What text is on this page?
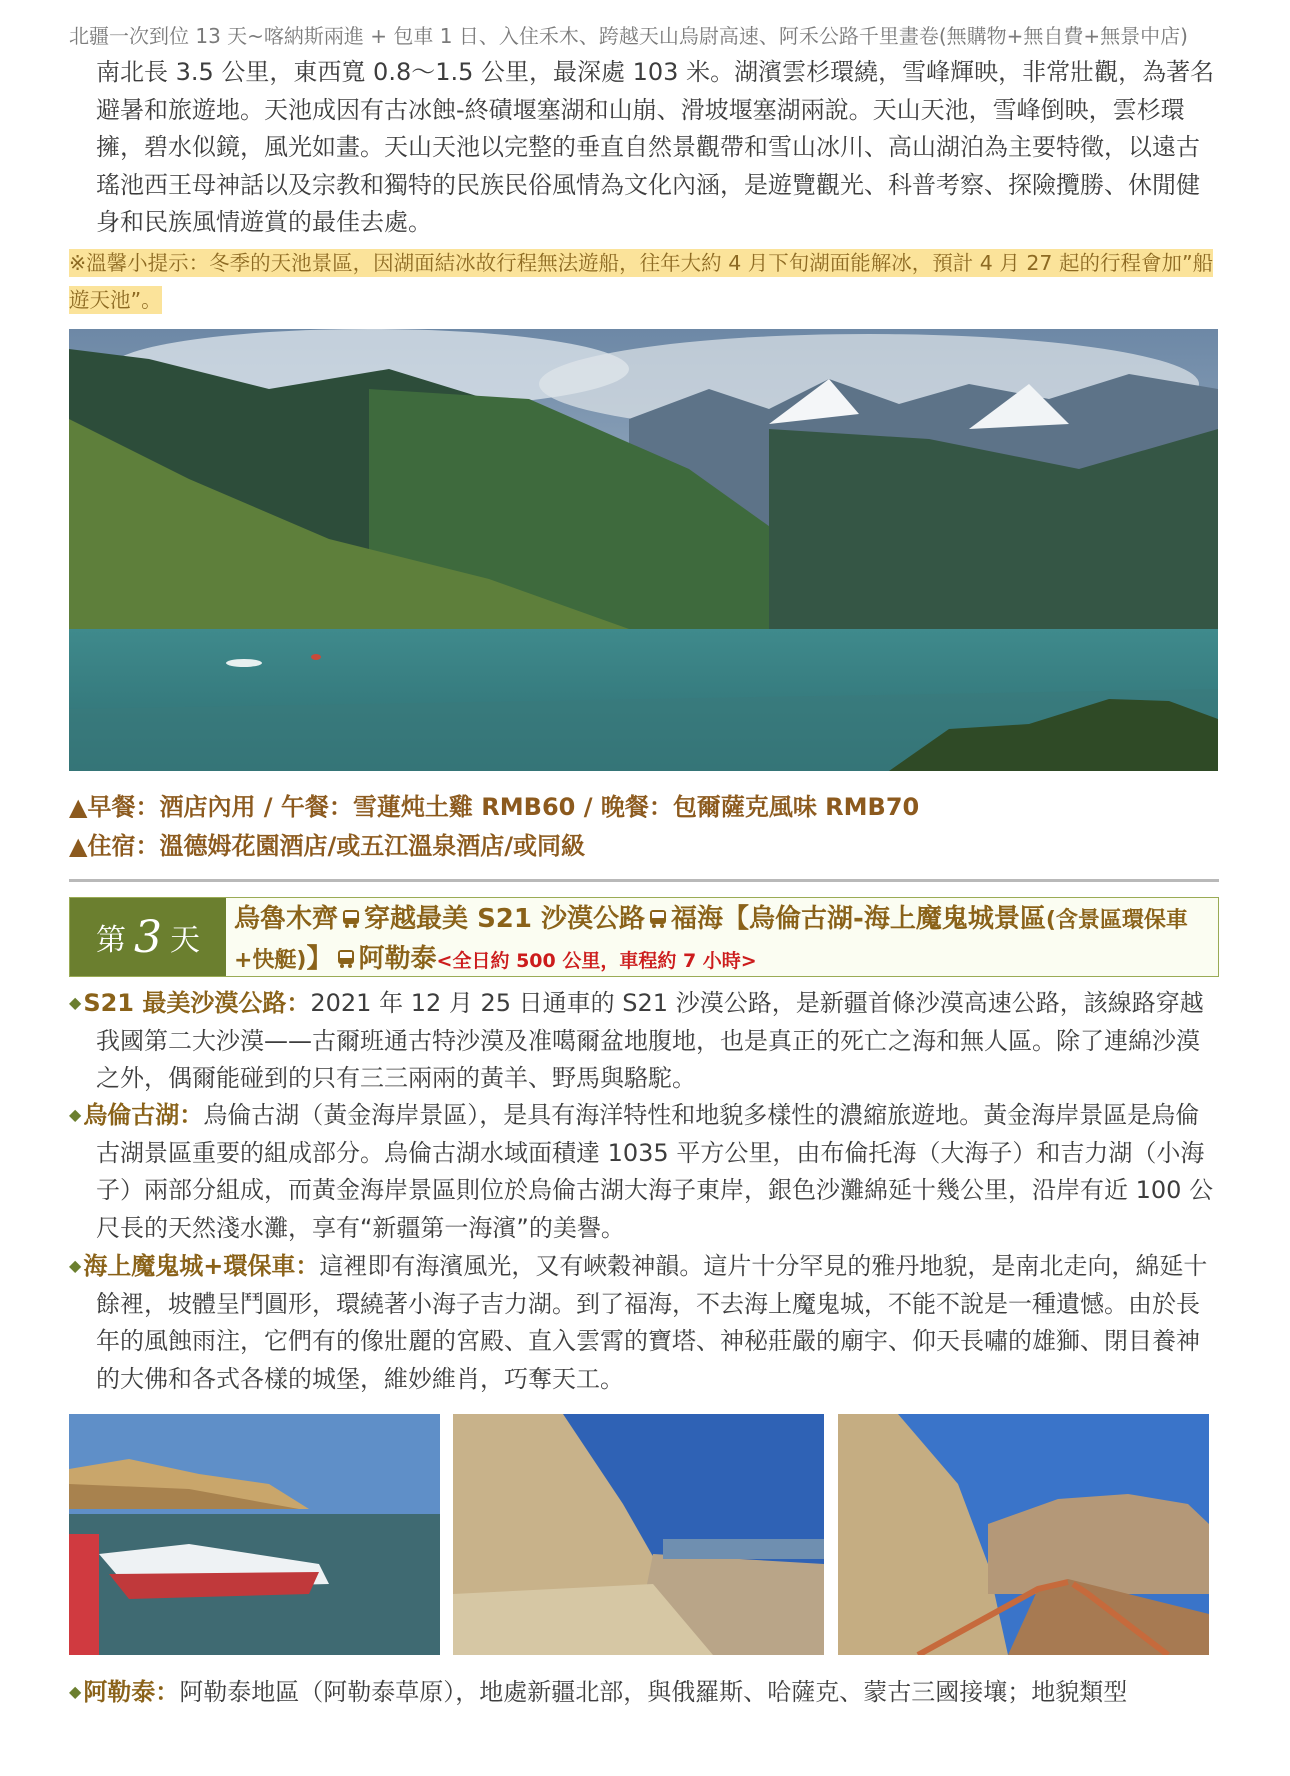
北疆一次到位 13 天~喀納斯兩進 + 包車 1 日、入住禾木、跨越天山烏尉高速、阿禾公路千里畫卷(無購物+無自費+無景中店)
南北長 3.5 公里，東西寬 0.8～1.5 公里，最深處 103 米。湖濱雲杉環繞，雪峰輝映，非常壯觀，為著名避暑和旅遊地。天池成因有古冰蝕-終磧堰塞湖和山崩、滑坡堰塞湖兩說。天山天池，雪峰倒映，雲杉環擁，碧水似鏡，風光如畫。天山天池以完整的垂直自然景觀帶和雪山冰川、高山湖泊為主要特徵，以遠古瑤池西王母神話以及宗教和獨特的民族民俗風情為文化內涵，是遊覽觀光、科普考察、探險攬勝、休閒健身和民族風情遊賞的最佳去處。
※溫馨小提示：冬季的天池景區，因湖面結冰故行程無法遊船，往年大約 4 月下旬湖面能解冰，預計 4 月 27 起的行程會加”船遊天池”。
▲早餐：酒店內用 / 午餐：雪蓮炖土雞 RMB60 / 晚餐：包爾薩克風味 RMB70
▲住宿：溫德姆花園酒店/或五江溫泉酒店/或同級
第 3 天
烏魯木齊 穿越最美 S21 沙漠公路 福海【烏倫古湖-海上魔鬼城景區(含景區環保車+快艇)】 阿勒泰<全日約 500 公里，車程約 7 小時>
◆S21 最美沙漠公路：2021 年 12 月 25 日通車的 S21 沙漠公路，是新疆首條沙漠高速公路，該線路穿越我國第二大沙漠——古爾班通古特沙漠及准噶爾盆地腹地，也是真正的死亡之海和無人區。除了連綿沙漠之外，偶爾能碰到的只有三三兩兩的黃羊、野馬與駱駝。
◆烏倫古湖：烏倫古湖（黃金海岸景區），是具有海洋特性和地貌多樣性的濃縮旅遊地。黃金海岸景區是烏倫古湖景區重要的組成部分。烏倫古湖水域面積達 1035 平方公里，由布倫托海（大海子）和吉力湖（小海子）兩部分組成，而黃金海岸景區則位於烏倫古湖大海子東岸，銀色沙灘綿延十幾公里，沿岸有近 100 公尺長的天然淺水灘，享有“新疆第一海濱”的美譽。
◆海上魔鬼城+環保車：這裡即有海濱風光，又有峽穀神韻。這片十分罕見的雅丹地貌，是南北走向，綿延十餘裡，坡體呈鬥圓形，環繞著小海子吉力湖。到了福海，不去海上魔鬼城，不能不說是一種遺憾。由於長年的風蝕雨注，它們有的像壯麗的宮殿、直入雲霄的寶塔、神秘莊嚴的廟宇、仰天長嘯的雄獅、閉目養神的大佛和各式各樣的城堡，維妙維肖，巧奪天工。
◆阿勒泰：阿勒泰地區（阿勒泰草原），地處新疆北部，與俄羅斯、哈薩克、蒙古三國接壤；地貌類型
